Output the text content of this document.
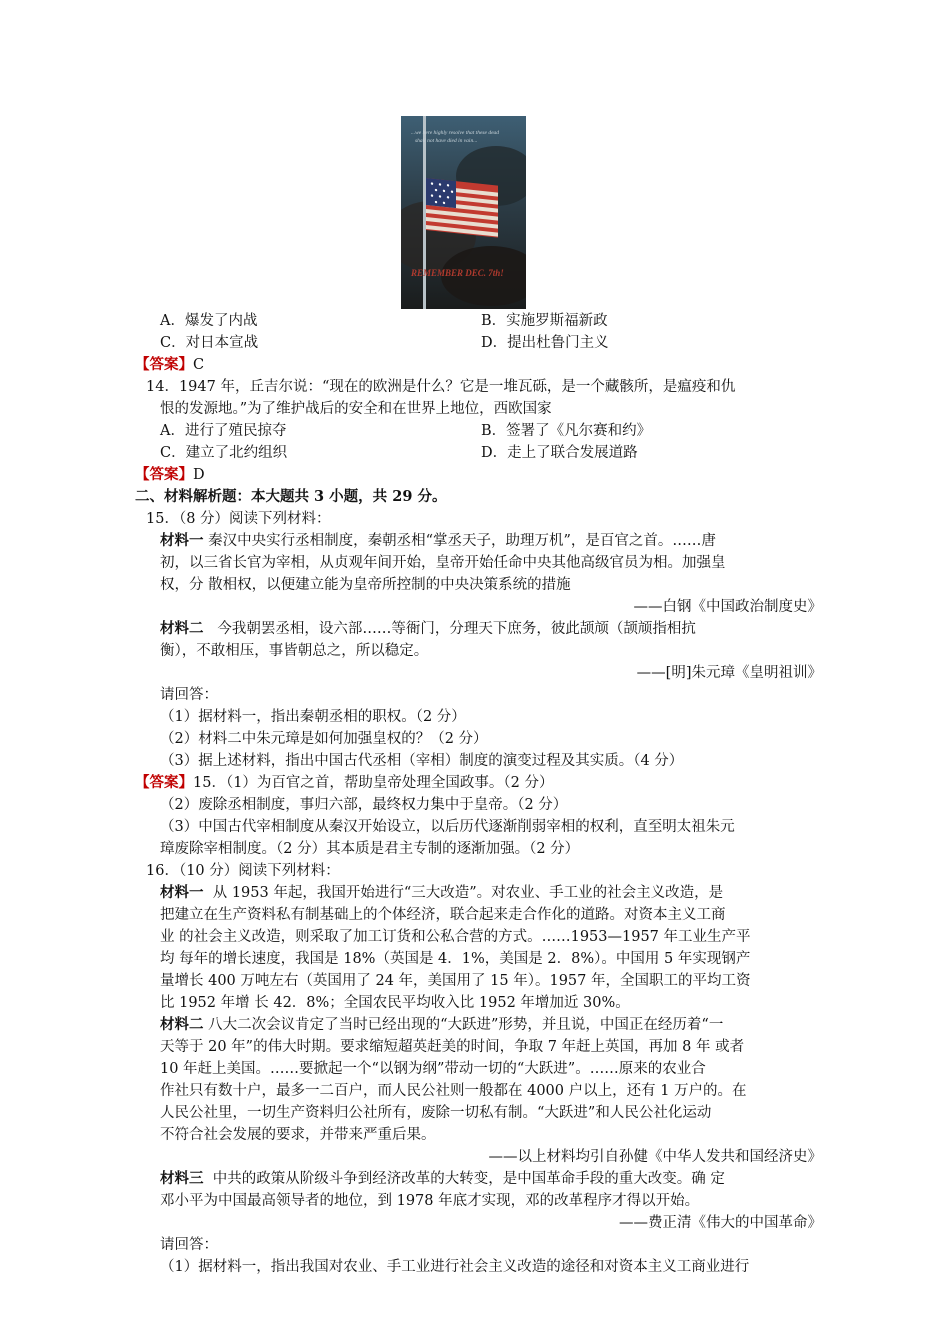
...we here highly resolve that these dead
shall not have died in vain...
REMEMBER DEC. 7th!
A．爆发了内战	B．实施罗斯福新政
C．对日本宣战	D．提出杜鲁门主义
【答案】C
14．1947 年，丘吉尔说：“现在的欧洲是什么？它是一堆瓦砾，是一个藏骸所，是瘟疫和仇
恨的发源地。”为了维护战后的安全和在世界上地位，西欧国家
A．进行了殖民掠夺	B．签署了《凡尔赛和约》
C．建立了北约组织	D．走上了联合发展道路
【答案】D
二、材料解析题：本大题共 3 小题，共 29 分。
15．（8 分）阅读下列材料：
材料一 秦汉中央实行丞相制度，秦朝丞相“掌丞天子，助理万机”，是百官之首。……唐
初，以三省长官为宰相，从贞观年间开始，皇帝开始任命中央其他高级官员为相。加强皇
权，分 散相权，以便建立能为皇帝所控制的中央决策系统的措施
——白钢《中国政治制度史》
材料二 今我朝罢丞相，设六部……等衙门，分理天下庶务，彼此颉颃（颉颃指相抗
衡），不敢相压，事皆朝总之，所以稳定。
——[明]朱元璋《皇明祖训》
请回答：
（1）据材料一，指出秦朝丞相的职权。（2 分）
（2）材料二中朱元璋是如何加强皇权的？（2 分）
（3）据上述材料，指出中国古代丞相（宰相）制度的演变过程及其实质。（4 分）
【答案】15．（1）为百官之首，帮助皇帝处理全国政事。（2 分）
（2）废除丞相制度，事归六部，最终权力集中于皇帝。（2 分）
（3）中国古代宰相制度从秦汉开始设立，以后历代逐渐削弱宰相的权利，直至明太祖朱元
璋废除宰相制度。（2 分）其本质是君主专制的逐渐加强。（2 分）
16．（10 分）阅读下列材料：
材料一 从 1953 年起，我国开始进行“三大改造”。对农业、手工业的社会主义改造，是
把建立在生产资料私有制基础上的个体经济，联合起来走合作化的道路。对资本主义工商
业 的社会主义改造，则采取了加工订货和公私合营的方式。……1953—1957 年工业生产平
均 每年的增长速度，我国是 18%（英国是 4．1%，美国是 2．8%）。中国用 5 年实现钢产
量增长 400 万吨左右（英国用了 24 年，美国用了 15 年）。1957 年，全国职工的平均工资
比 1952 年增 长 42．8%；全国农民平均收入比 1952 年增加近 30%。
材料二 八大二次会议肯定了当时已经出现的“大跃进”形势，并且说，中国正在经历着“一
天等于 20 年”的伟大时期。要求缩短超英赶美的时间，争取 7 年赶上英国，再加 8 年 或者
10 年赶上美国。……要掀起一个“以钢为纲”带动一切的“大跃进”。……原来的农业合
作社只有数十户，最多一二百户，而人民公社则一般都在 4000 户以上，还有 1 万户的。在
人民公社里，一切生产资料归公社所有，废除一切私有制。“大跃进”和人民公社化运动
不符合社会发展的要求，并带来严重后果。
——以上材料均引自孙健《中华人发共和国经济史》
材料三 中共的政策从阶级斗争到经济改革的大转变，是中国革命手段的重大改变。确 定
邓小平为中国最高领导者的地位，到 1978 年底才实现，邓的改革程序才得以开始。
——费正清《伟大的中国革命》
请回答：
（1）据材料一，指出我国对农业、手工业进行社会主义改造的途径和对资本主义工商业进行
